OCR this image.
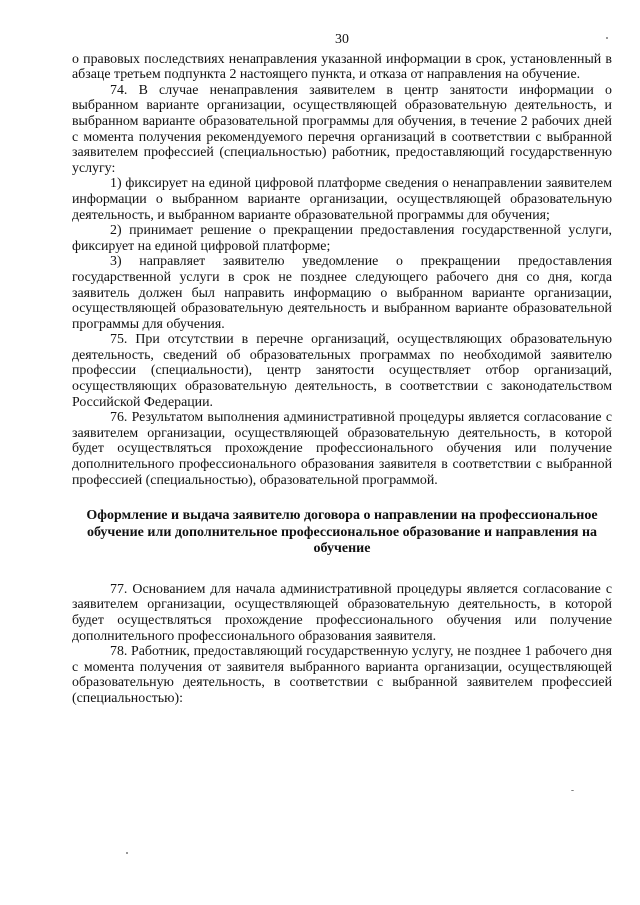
30

о правовых последствиях ненаправления указанной информации в срок, установленный в абзаце третьем подпункта 2 настоящего пункта, и отказа от направления на обучение.

74. В случае ненаправления заявителем в центр занятости информации о выбранном варианте организации, осуществляющей образовательную деятельность, и выбранном варианте образовательной программы для обучения, в течение 2 рабочих дней с момента получения рекомендуемого перечня организаций в соответствии с выбранной заявителем профессией (специальностью) работник, предоставляющий государственную услугу:

1) фиксирует на единой цифровой платформе сведения о ненаправлении заявителем информации о выбранном варианте организации, осуществляющей образовательную деятельность, и выбранном варианте образовательной программы для обучения;

2) принимает решение о прекращении предоставления государственной услуги, фиксирует на единой цифровой платформе;

3) направляет заявителю уведомление о прекращении предоставления государственной услуги в срок не позднее следующего рабочего дня со дня, когда заявитель должен был направить информацию о выбранном варианте организации, осуществляющей образовательную деятельность и выбранном варианте образовательной программы для обучения.

75. При отсутствии в перечне организаций, осуществляющих образовательную деятельность, сведений об образовательных программах по необходимой заявителю профессии (специальности), центр занятости осуществляет отбор организаций, осуществляющих образовательную деятельность, в соответствии с законодательством Российской Федерации.

76. Результатом выполнения административной процедуры является согласование с заявителем организации, осуществляющей образовательную деятельность, в которой будет осуществляться прохождение профессионального обучения или получение дополнительного профессионального образования заявителя в соответствии с выбранной профессией (специальностью), образовательной программой.

Оформление и выдача заявителю договора о направлении на профессиональное обучение или дополнительное профессиональное образование и направления на обучение

77. Основанием для начала административной процедуры является согласование с заявителем организации, осуществляющей образовательную деятельность, в которой будет осуществляться прохождение профессионального обучения или получение дополнительного профессионального образования заявителя.

78. Работник, предоставляющий государственную услугу, не позднее 1 рабочего дня с момента получения от заявителя выбранного варианта организации, осуществляющей образовательную деятельность, в соответствии с выбранной заявителем профессией (специальностью):
